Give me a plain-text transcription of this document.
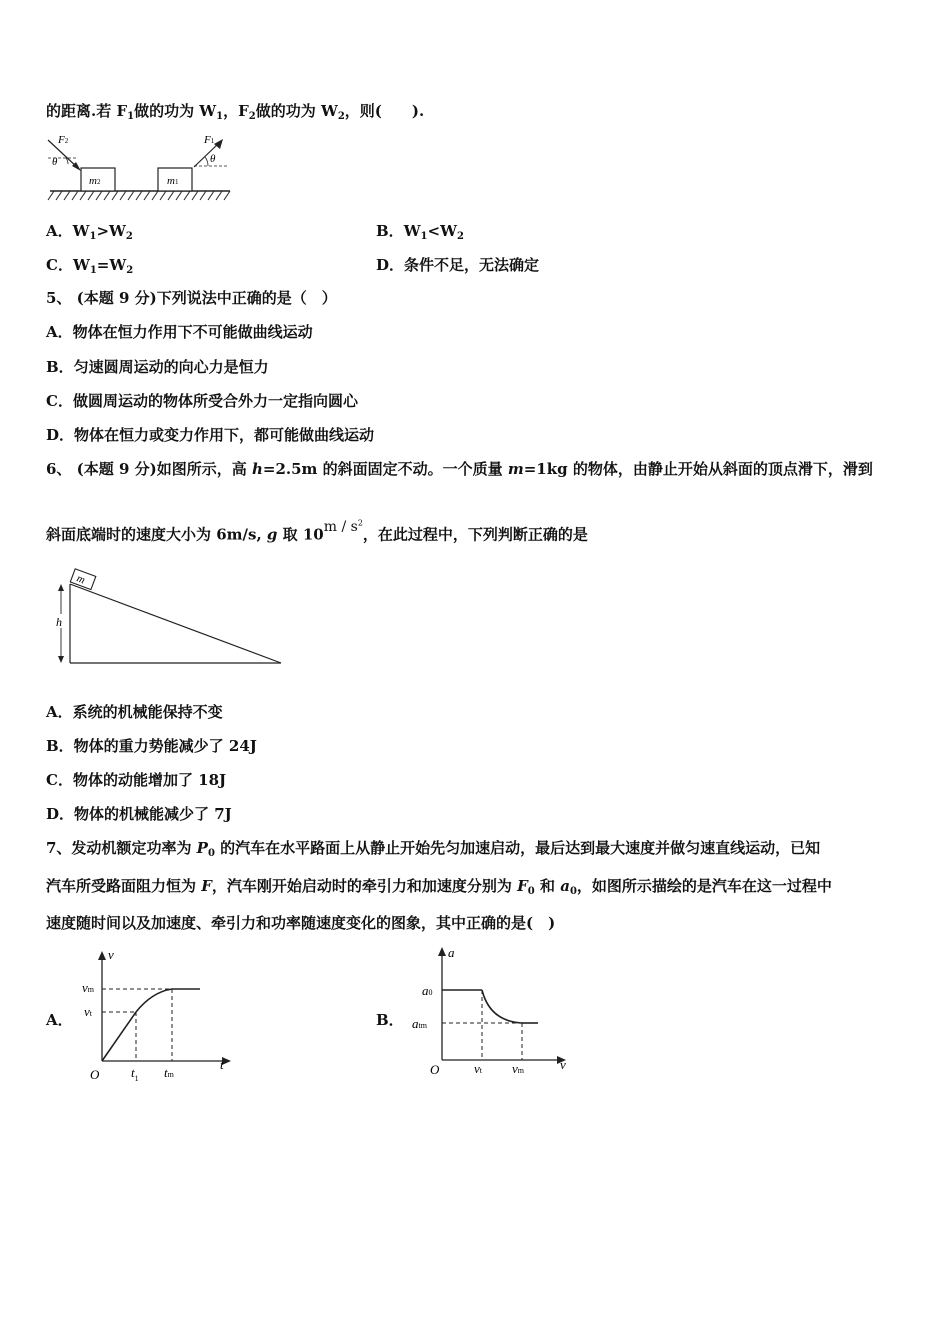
的距离.若 $F_1$做的功为 $W_1$，$F_2$做的功为 $W_2$，则(　　).
m2	m1
F2
θ
F1
θ
A．$W_1>W_2$	B．$W_1<W_2$
C．$W_1=W_2$	D．条件不足，无法确定
5、 (本题 9 分)下列说法中正确的是（　）
A．物体在恒力作用下不可能做曲线运动
B．匀速圆周运动的向心力是恒力
C．做圆周运动的物体所受合外力一定指向圆心
D．物体在恒力或变力作用下，都可能做曲线运动
6、 (本题 9 分)如图所示，高 h=2.5m 的斜面固定不动。一个质量 m=1kg 的物体，由静止开始从斜面的顶点滑下，滑到
斜面底端时的速度大小为 6m/s, g 取 $10m / s^2$，在此过程中，下列判断正确的是
m
h
A．系统的机械能保持不变
B．物体的重力势能减少了 24J
C．物体的动能增加了 18J
D．物体的机械能减少了 7J
7、发动机额定功率为 $P_0$ 的汽车在水平路面上从静止开始先匀加速启动，最后达到最大速度并做匀速直线运动，已知
汽车所受路面阻力恒为 F，汽车刚开始启动时的牵引力和加速度分别为 $F_0$ 和 $a_0$，如图所示描绘的是汽车在这一过程中
速度随时间以及加速度、牵引力和功率随速度变化的图象，其中正确的是(　)
A．	B．
v
t
O
vm
vt
$t_1$ tm
a
v
O
a0
atm
vt vm
